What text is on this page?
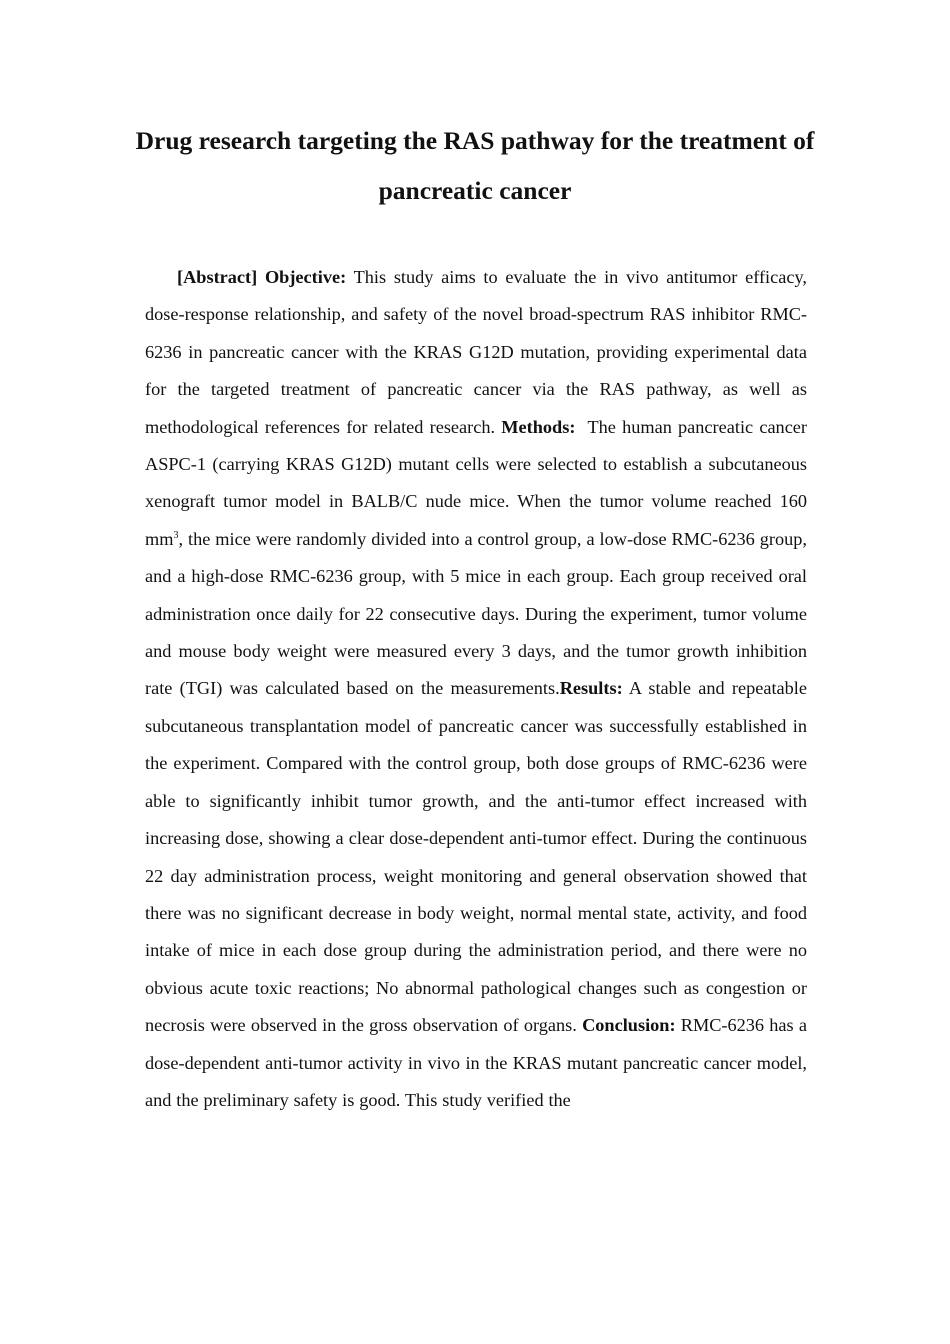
Drug research targeting the RAS pathway for the treatment of pancreatic cancer

[Abstract] Objective: This study aims to evaluate the in vivo antitumor efficacy, dose-response relationship, and safety of the novel broad-spectrum RAS inhibitor RMC-6236 in pancreatic cancer with the KRAS G12D mutation, providing experimental data for the targeted treatment of pancreatic cancer via the RAS pathway, as well as methodological references for related research. Methods: The human pancreatic cancer ASPC-1 (carrying KRAS G12D) mutant cells were selected to establish a subcutaneous xenograft tumor model in BALB/C nude mice. When the tumor volume reached 160 $mm^3$, the mice were randomly divided into a control group, a low-dose RMC-6236 group, and a high-dose RMC-6236 group, with 5 mice in each group. Each group received oral administration once daily for 22 consecutive days. During the experiment, tumor volume and mouse body weight were measured every 3 days, and the tumor growth inhibition rate (TGI) was calculated based on the measurements.Results: A stable and repeatable subcutaneous transplantation model of pancreatic cancer was successfully established in the experiment. Compared with the control group, both dose groups of RMC-6236 were able to significantly inhibit tumor growth, and the anti-tumor effect increased with increasing dose, showing a clear dose-dependent anti-tumor effect. During the continuous 22 day administration process, weight monitoring and general observation showed that there was no significant decrease in body weight, normal mental state, activity, and food intake of mice in each dose group during the administration period, and there were no obvious acute toxic reactions; No abnormal pathological changes such as congestion or necrosis were observed in the gross observation of organs. Conclusion: RMC-6236 has a dose-dependent anti-tumor activity in vivo in the KRAS mutant pancreatic cancer model, and the preliminary safety is good. This study verified the
